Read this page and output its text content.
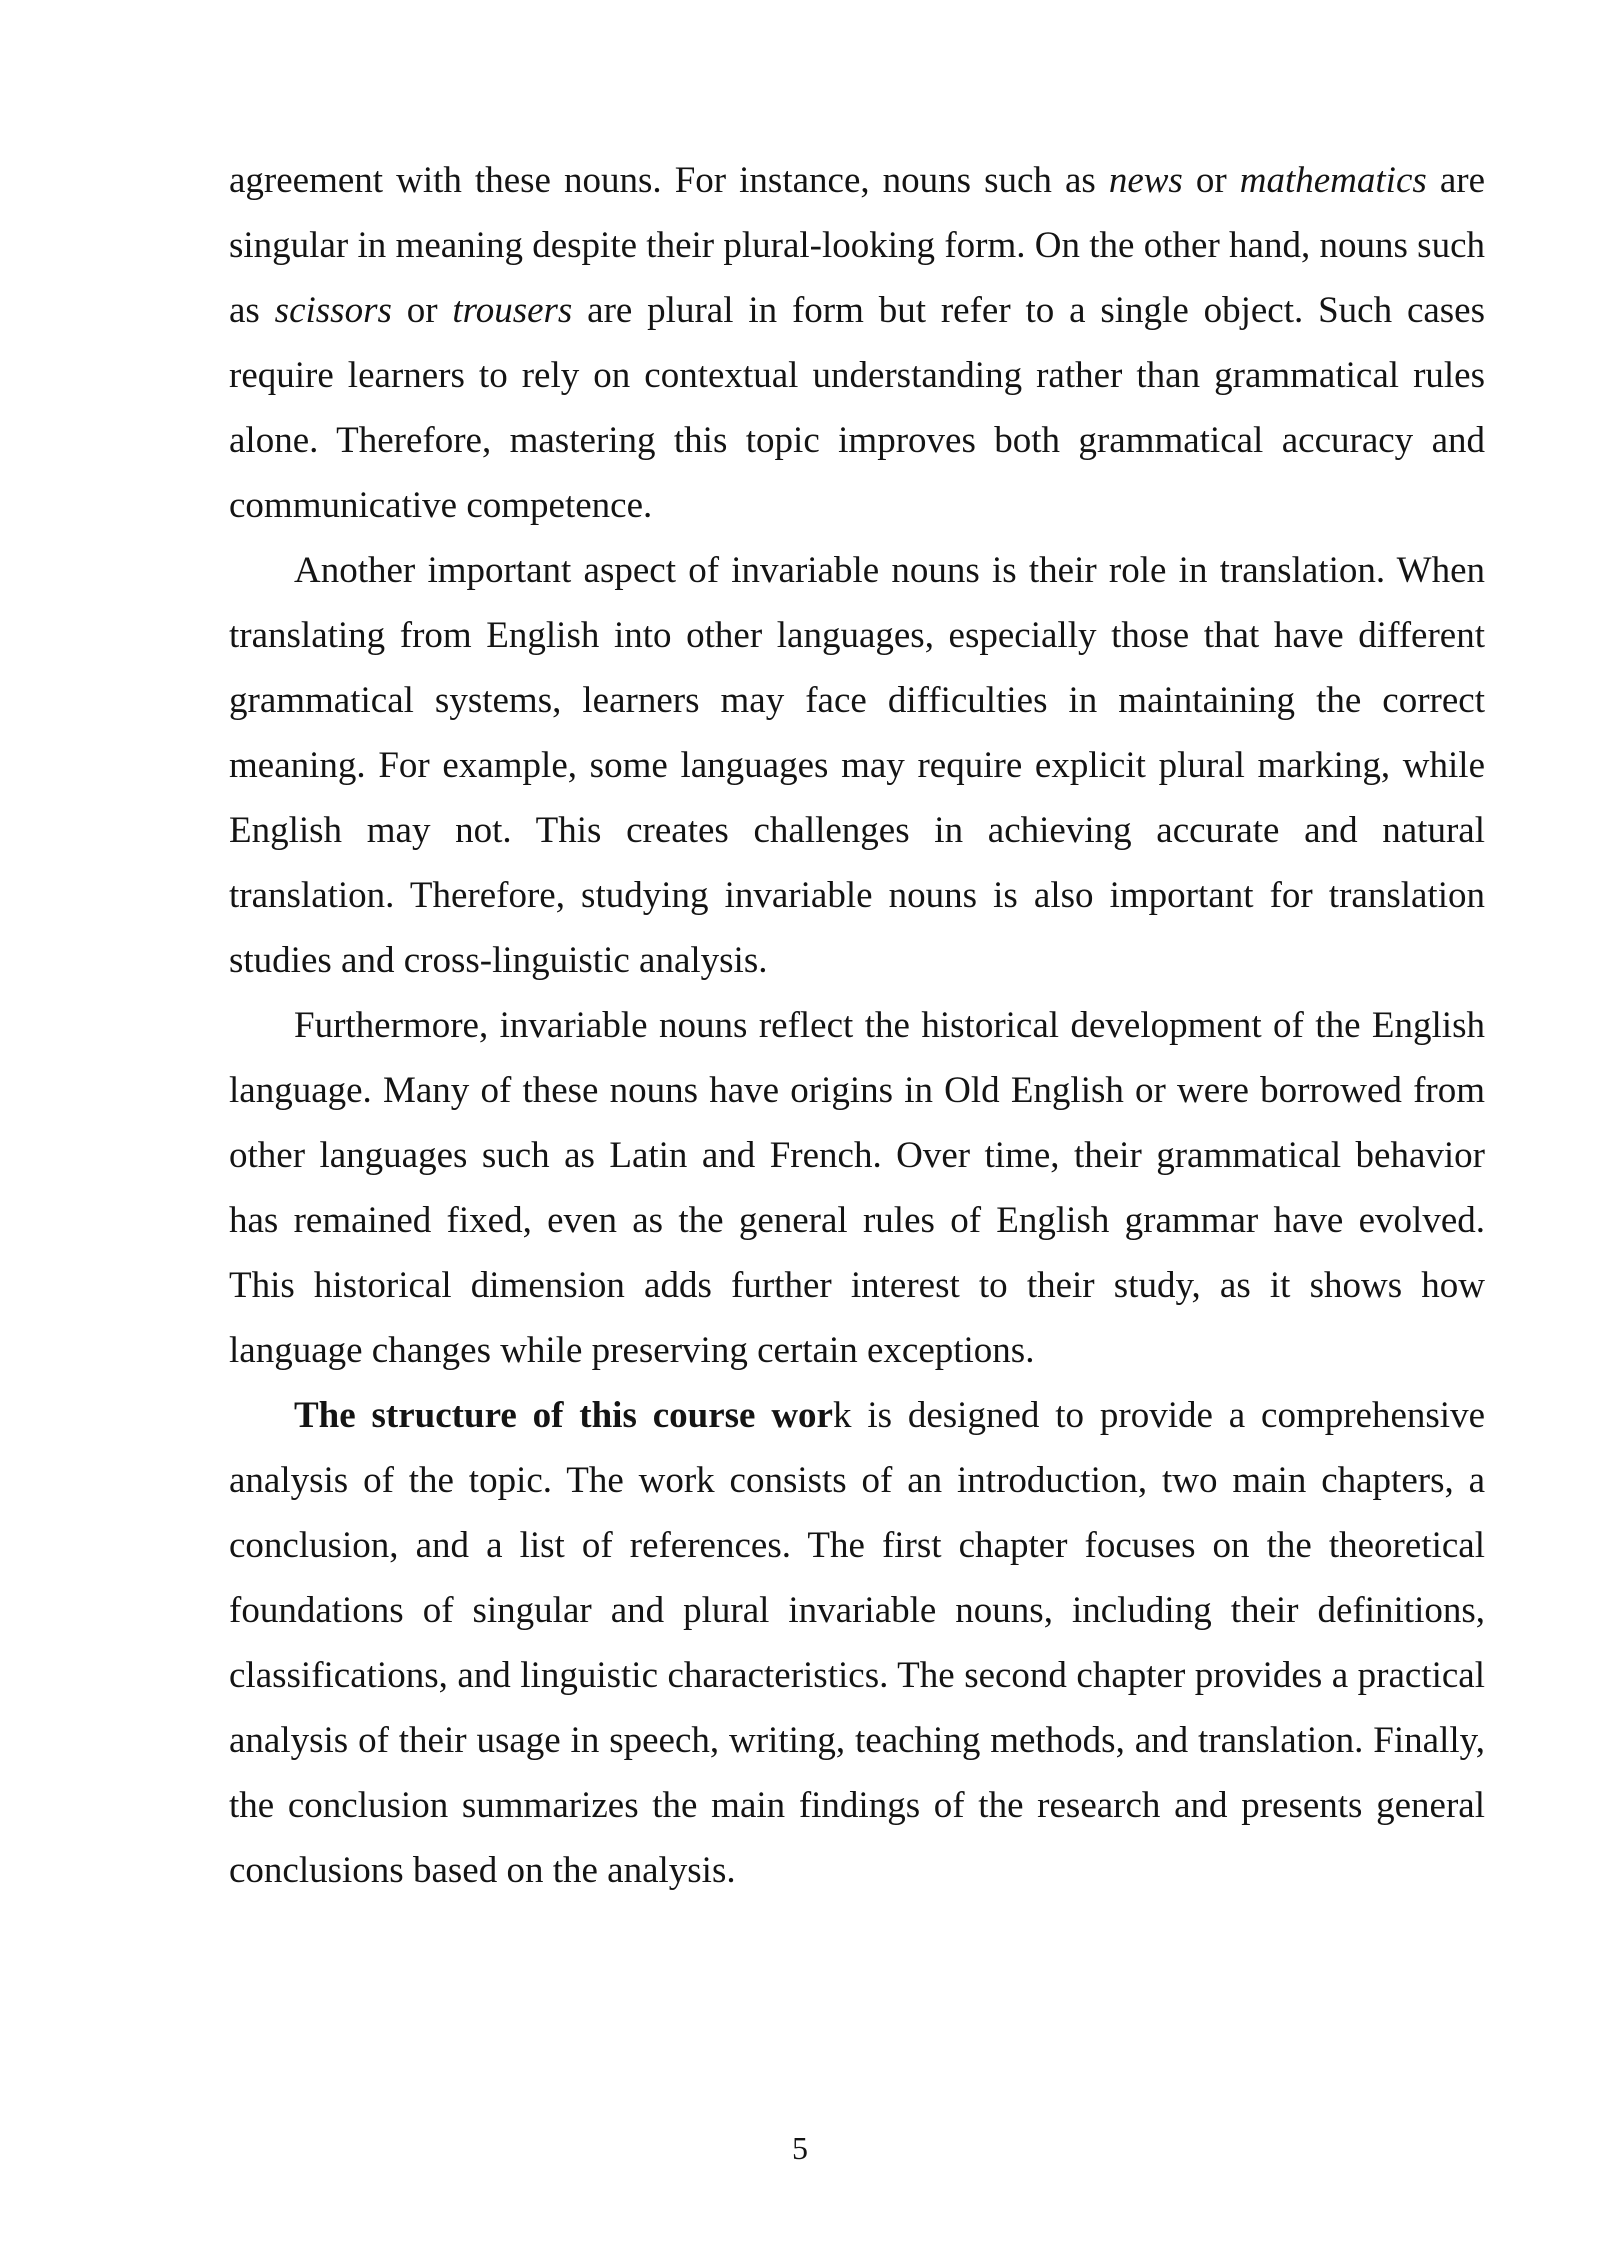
agreement with these nouns. For instance, nouns such as news or mathematics are singular in meaning despite their plural-looking form. On the other hand, nouns such as scissors or trousers are plural in form but refer to a single object. Such cases require learners to rely on contextual understanding rather than grammatical rules alone. Therefore, mastering this topic improves both grammatical accuracy and communicative competence.

Another important aspect of invariable nouns is their role in translation. When translating from English into other languages, especially those that have different grammatical systems, learners may face difficulties in maintaining the correct meaning. For example, some languages may require explicit plural marking, while English may not. This creates challenges in achieving accurate and natural translation. Therefore, studying invariable nouns is also important for translation studies and cross-linguistic analysis.

Furthermore, invariable nouns reflect the historical development of the English language. Many of these nouns have origins in Old English or were borrowed from other languages such as Latin and French. Over time, their grammatical behavior has remained fixed, even as the general rules of English grammar have evolved. This historical dimension adds further interest to their study, as it shows how language changes while preserving certain exceptions.

The structure of this course work is designed to provide a comprehensive analysis of the topic. The work consists of an introduction, two main chapters, a conclusion, and a list of references. The first chapter focuses on the theoretical foundations of singular and plural invariable nouns, including their definitions, classifications, and linguistic characteristics. The second chapter provides a practical analysis of their usage in speech, writing, teaching methods, and translation. Finally, the conclusion summarizes the main findings of the research and presents general conclusions based on the analysis.

5
